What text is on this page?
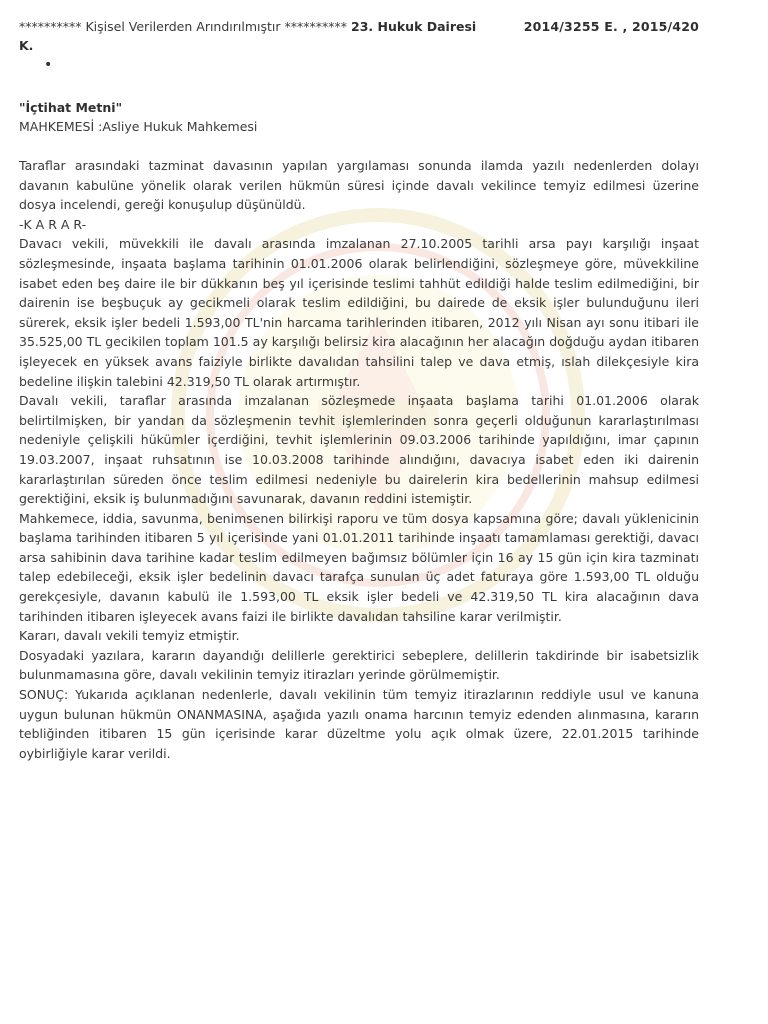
********** Kişisel Verilerden Arındırılmıştır ********** 23. Hukuk Dairesi	2014/3255 E. , 2015/420
K.
•
"İçtihat Metni"
MAHKEMESİ :Asliye Hukuk Mahkemesi

Taraflar arasındaki tazminat davasının yapılan yargılaması sonunda ilamda yazılı nedenlerden dolayı davanın kabulüne yönelik olarak verilen hükmün süresi içinde davalı vekilince temyiz edilmesi üzerine dosya incelendi, gereği konuşulup düşünüldü.

-K A R A R-

Davacı vekili, müvekkili ile davalı arasında imzalanan 27.10.2005 tarihli arsa payı karşılığı inşaat sözleşmesinde, inşaata başlama tarihinin 01.01.2006 olarak belirlendiğini, sözleşmeye göre, müvekkiline isabet eden beş daire ile bir dükkanın beş yıl içerisinde teslimi tahhüt edildiği halde teslim edilmediğini, bir dairenin ise beşbuçuk ay gecikmeli olarak teslim edildiğini, bu dairede de eksik işler bulunduğunu ileri sürerek, eksik işler bedeli 1.593,00 TL'nin harcama tarihlerinden itibaren, 2012 yılı Nisan ayı sonu itibari ile 35.525,00 TL gecikilen toplam 101.5 ay karşılığı belirsiz kira alacağının her alacağın doğduğu aydan itibaren işleyecek en yüksek avans faiziyle birlikte davalıdan tahsilini talep ve dava etmiş, ıslah dilekçesiyle kira bedeline ilişkin talebini 42.319,50 TL olarak artırmıştır.

Davalı vekili, taraflar arasında imzalanan sözleşmede inşaata başlama tarihi 01.01.2006 olarak belirtilmişken, bir yandan da sözleşmenin tevhit işlemlerinden sonra geçerli olduğunun kararlaştırılması nedeniyle çelişkili hükümler içerdiğini, tevhit işlemlerinin 09.03.2006 tarihinde yapıldığını, imar çapının 19.03.2007, inşaat ruhsatının ise 10.03.2008 tarihinde alındığını, davacıya isabet eden iki dairenin kararlaştırılan süreden önce teslim edilmesi nedeniyle bu dairelerin kira bedellerinin mahsup edilmesi gerektiğini, eksik iş bulunmadığını savunarak, davanın reddini istemiştir.

Mahkemece, iddia, savunma, benimsenen bilirkişi raporu ve tüm dosya kapsamına göre; davalı yüklenicinin başlama tarihinden itibaren 5 yıl içerisinde yani 01.01.2011 tarihinde inşaatı tamamlaması gerektiği, davacı arsa sahibinin dava tarihine kadar teslim edilmeyen bağımsız bölümler için 16 ay 15 gün için kira tazminatı talep edebileceği, eksik işler bedelinin davacı tarafça sunulan üç adet faturaya göre 1.593,00 TL olduğu gerekçesiyle, davanın kabulü ile 1.593,00 TL eksik işler bedeli ve 42.319,50 TL kira alacağının dava tarihinden itibaren işleyecek avans faizi ile birlikte davalıdan tahsiline karar verilmiştir.

Kararı, davalı vekili temyiz etmiştir.

Dosyadaki yazılara, kararın dayandığı delillerle gerektirici sebeplere, delillerin takdirinde bir isabetsizlik bulunmamasına göre, davalı vekilinin temyiz itirazları yerinde görülmemiştir.

SONUÇ: Yukarıda açıklanan nedenlerle, davalı vekilinin tüm temyiz itirazlarının reddiyle usul ve kanuna uygun bulunan hükmün ONANMASINA, aşağıda yazılı onama harcının temyiz edenden alınmasına, kararın tebliğinden itibaren 15 gün içerisinde karar düzeltme yolu açık olmak üzere, 22.01.2015 tarihinde oybirliğiyle karar verildi.
